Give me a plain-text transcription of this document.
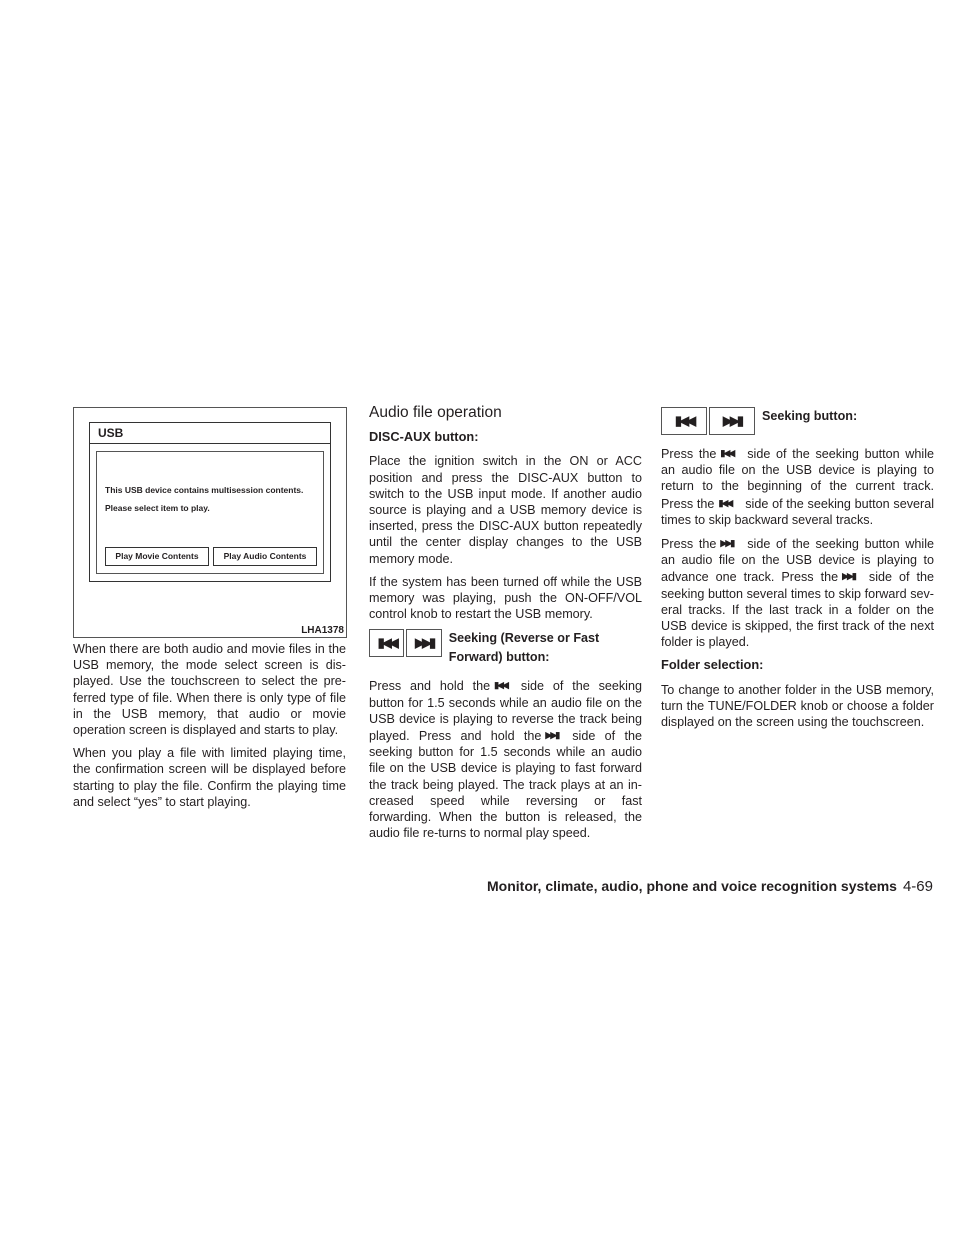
USB
This USB device contains multisession contents.
Please select item to play.
Play Movie Contents	Play Audio Contents
LHA1378

When there are both audio and movie files in the USB memory, the mode select screen is dis-played. Use the touchscreen to select the pre-ferred type of file. When there is only type of file in the USB memory, that audio or movie operation screen is displayed and starts to play.

When you play a file with limited playing time, the confirmation screen will be displayed before starting to play the file. Confirm the playing time and select “yes” to start playing.

Audio file operation
DISC-AUX button:

Place the ignition switch in the ON or ACC position and press the DISC-AUX button to switch to the USB input mode. If another audio source is playing and a USB memory device is inserted, press the DISC-AUX button repeatedly until the center display changes to the USB memory mode.

If the system has been turned off while the USB memory was playing, push the ON-OFF/VOL control knob to restart the USB memory.

▮◀◀	▶▶▮	Seeking (Reverse or Fast Forward) button:

Press and hold the ▮◀◀ side of the seeking button for 1.5 seconds while an audio file on the USB device is playing to reverse the track being played. Press and hold the ▶▶▮ side of the seeking button for 1.5 seconds while an audio file on the USB device is playing to fast forward the track being played. The track plays at an in-creased speed while reversing or fast forwarding. When the button is released, the audio file re-turns to normal play speed.

▮◀◀	▶▶▮	Seeking button:

Press the ▮◀◀ side of the seeking button while an audio file on the USB device is playing to return to the beginning of the current track. Press the ▮◀◀ side of the seeking button several times to skip backward several tracks.

Press the ▶▶▮ side of the seeking button while an audio file on the USB device is playing to advance one track. Press the ▶▶▮ side of the seeking button several times to skip forward sev-eral tracks. If the last track in a folder on the USB device is skipped, the first track of the next folder is played.

Folder selection:

To change to another folder in the USB memory, turn the TUNE/FOLDER knob or choose a folder displayed on the screen using the touchscreen.

Monitor, climate, audio, phone and voice recognition systems 4-69
